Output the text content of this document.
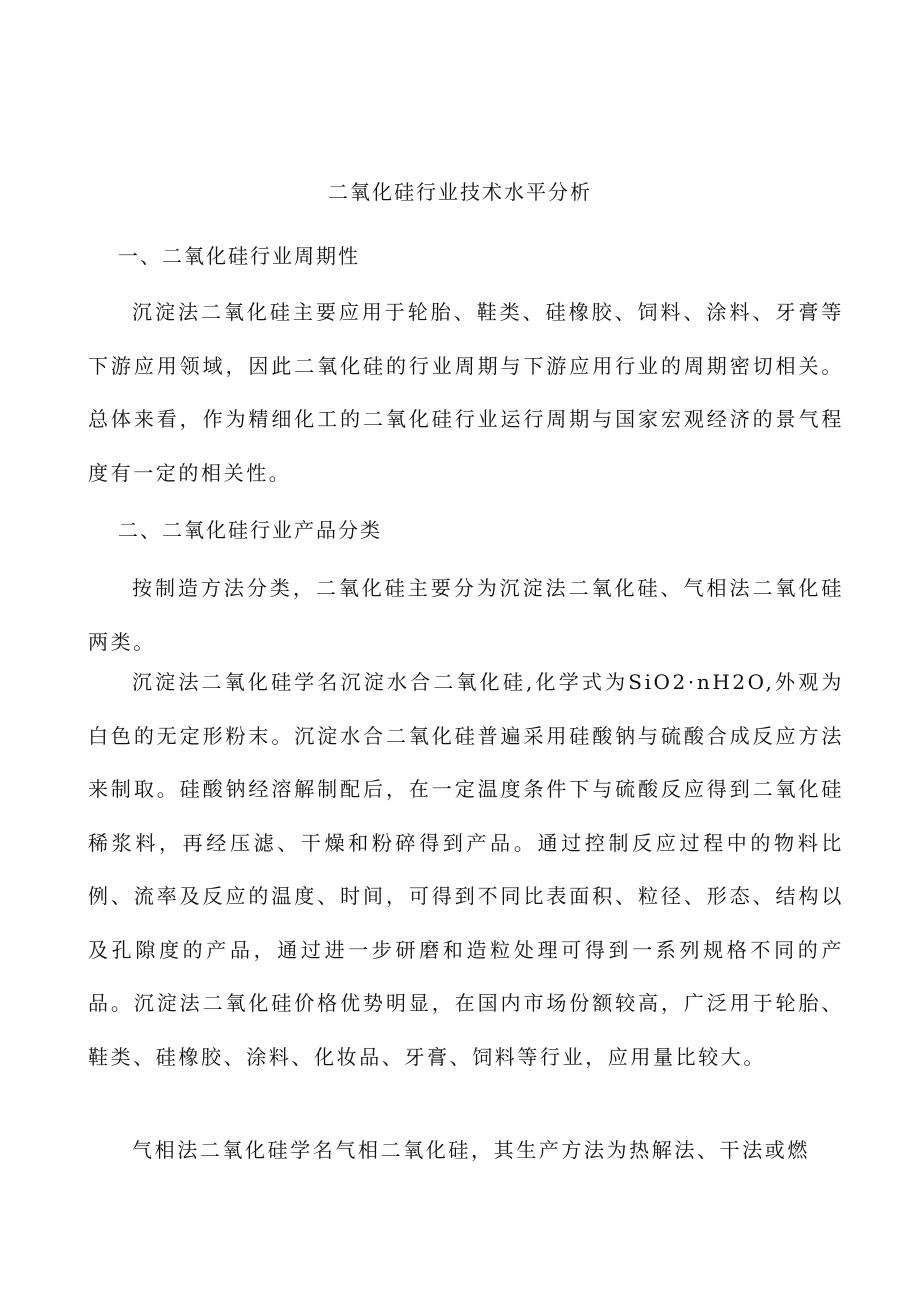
二氧化硅行业技术水平分析
一、二氧化硅行业周期性
沉淀法二氧化硅主要应用于轮胎、鞋类、硅橡胶、饲料、涂料、牙膏等下游应用领域，因此二氧化硅的行业周期与下游应用行业的周期密切相关。总体来看，作为精细化工的二氧化硅行业运行周期与国家宏观经济的景气程度有一定的相关性。
二、二氧化硅行业产品分类
按制造方法分类，二氧化硅主要分为沉淀法二氧化硅、气相法二氧化硅两类。
沉淀法二氧化硅学名沉淀水合二氧化硅,化学式为SiO2·nH2O,外观为白色的无定形粉末。沉淀水合二氧化硅普遍采用硅酸钠与硫酸合成反应方法来制取。硅酸钠经溶解制配后，在一定温度条件下与硫酸反应得到二氧化硅稀浆料，再经压滤、干燥和粉碎得到产品。通过控制反应过程中的物料比例、流率及反应的温度、时间，可得到不同比表面积、粒径、形态、结构以及孔隙度的产品，通过进一步研磨和造粒处理可得到一系列规格不同的产品。沉淀法二氧化硅价格优势明显，在国内市场份额较高，广泛用于轮胎、鞋类、硅橡胶、涂料、化妆品、牙膏、饲料等行业，应用量比较大。
气相法二氧化硅学名气相二氧化硅，其生产方法为热解法、干法或燃
